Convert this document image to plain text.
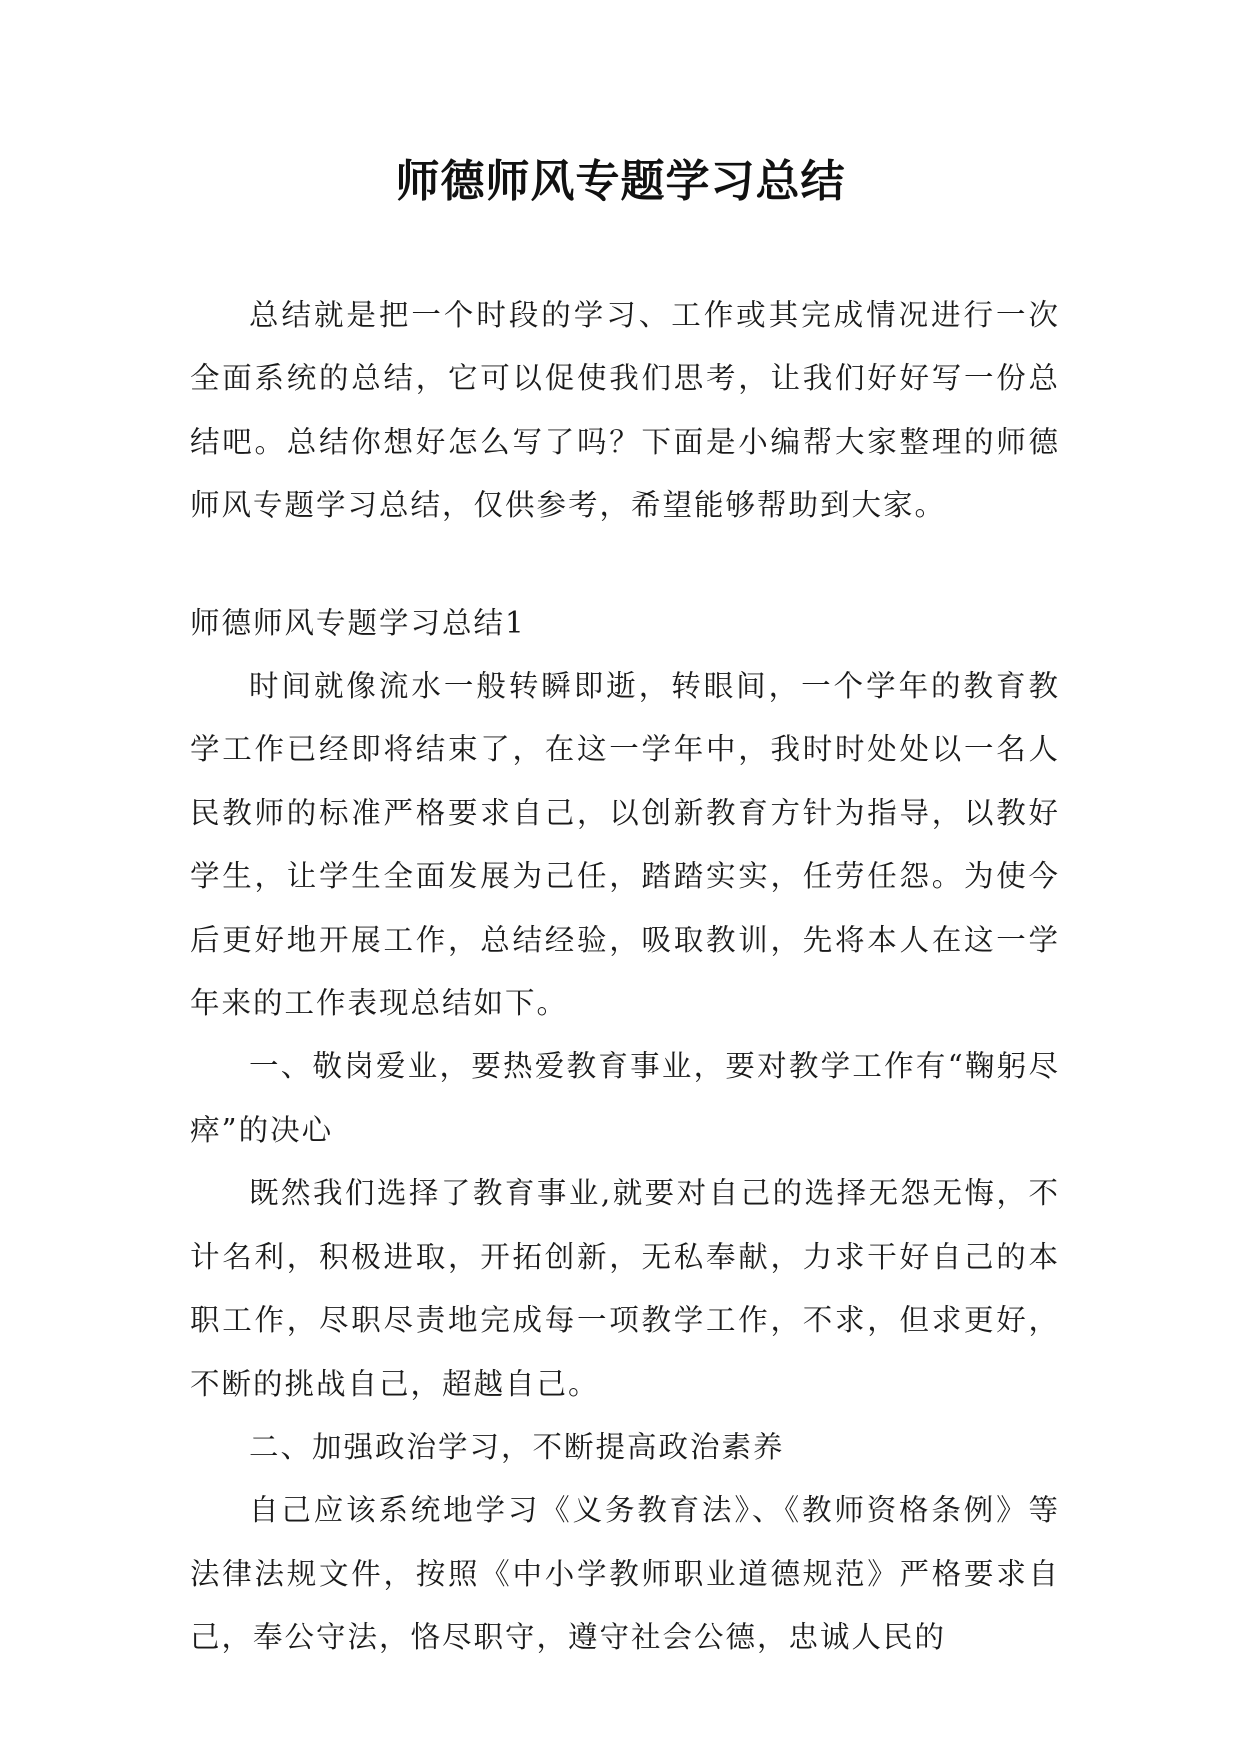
师德师风专题学习总结

总结就是把一个时段的学习、工作或其完成情况进行一次全面系统的总结，它可以促使我们思考，让我们好好写一份总结吧。总结你想好怎么写了吗？下面是小编帮大家整理的师德师风专题学习总结，仅供参考，希望能够帮助到大家。

师德师风专题学习总结1

时间就像流水一般转瞬即逝，转眼间，一个学年的教育教学工作已经即将结束了，在这一学年中，我时时处处以一名人民教师的标准严格要求自己，以创新教育方针为指导，以教好学生，让学生全面发展为己任，踏踏实实，任劳任怨。为使今后更好地开展工作，总结经验，吸取教训，先将本人在这一学年来的工作表现总结如下。

一、敬岗爱业，要热爱教育事业，要对教学工作有“鞠躬尽瘁”的决心

既然我们选择了教育事业,就要对自己的选择无怨无悔，不计名利，积极进取，开拓创新，无私奉献，力求干好自己的本职工作，尽职尽责地完成每一项教学工作，不求，但求更好，不断的挑战自己，超越自己。

二、加强政治学习，不断提高政治素养

自己应该系统地学习《义务教育法》、《教师资格条例》等法律法规文件，按照《中小学教师职业道德规范》严格要求自己，奉公守法，恪尽职守，遵守社会公德，忠诚人民的
